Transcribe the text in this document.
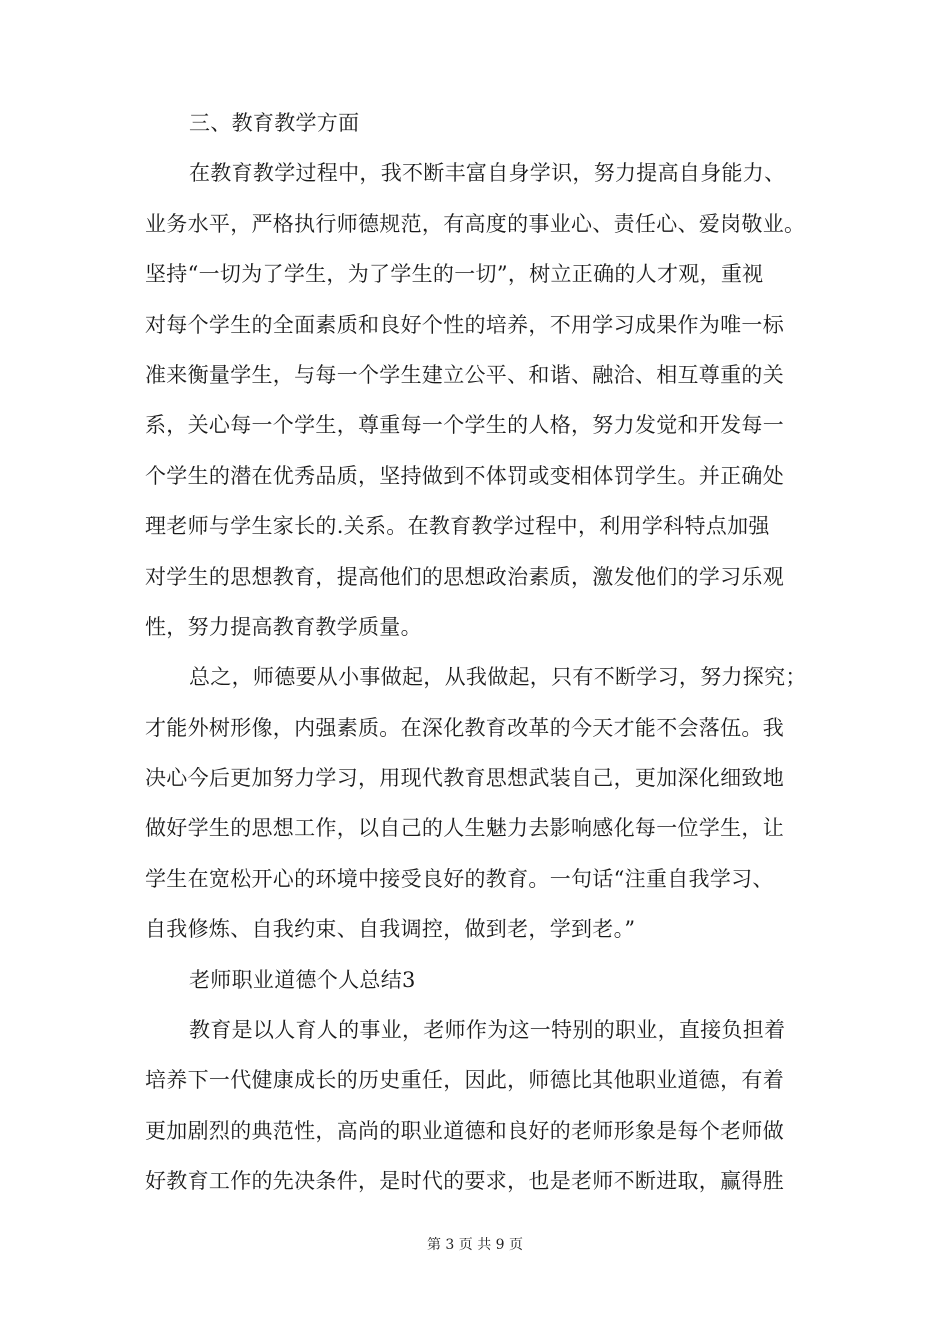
三、教育教学方面
在教育教学过程中，我不断丰富自身学识，努力提高自身能力、
业务水平，严格执行师德规范，有高度的事业心、责任心、爱岗敬业。
坚持“一切为了学生，为了学生的一切”，树立正确的人才观，重视
对每个学生的全面素质和良好个性的培养，不用学习成果作为唯一标
准来衡量学生，与每一个学生建立公平、和谐、融洽、相互尊重的关
系，关心每一个学生，尊重每一个学生的人格，努力发觉和开发每一
个学生的潜在优秀品质，坚持做到不体罚或变相体罚学生。并正确处
理老师与学生家长的.关系。在教育教学过程中，利用学科特点加强
对学生的思想教育，提高他们的思想政治素质，激发他们的学习乐观
性，努力提高教育教学质量。
总之，师德要从小事做起，从我做起，只有不断学习，努力探究；
才能外树形像，内强素质。在深化教育改革的今天才能不会落伍。我
决心今后更加努力学习，用现代教育思想武装自己，更加深化细致地
做好学生的思想工作，以自己的人生魅力去影响感化每一位学生，让
学生在宽松开心的环境中接受良好的教育。一句话“注重自我学习、
自我修炼、自我约束、自我调控，做到老，学到老。”
老师职业道德个人总结3
教育是以人育人的事业，老师作为这一特别的职业，直接负担着
培养下一代健康成长的历史重任，因此，师德比其他职业道德，有着
更加剧烈的典范性，高尚的职业道德和良好的老师形象是每个老师做
好教育工作的先决条件，是时代的要求，也是老师不断进取，赢得胜
第 3 页 共 9 页
